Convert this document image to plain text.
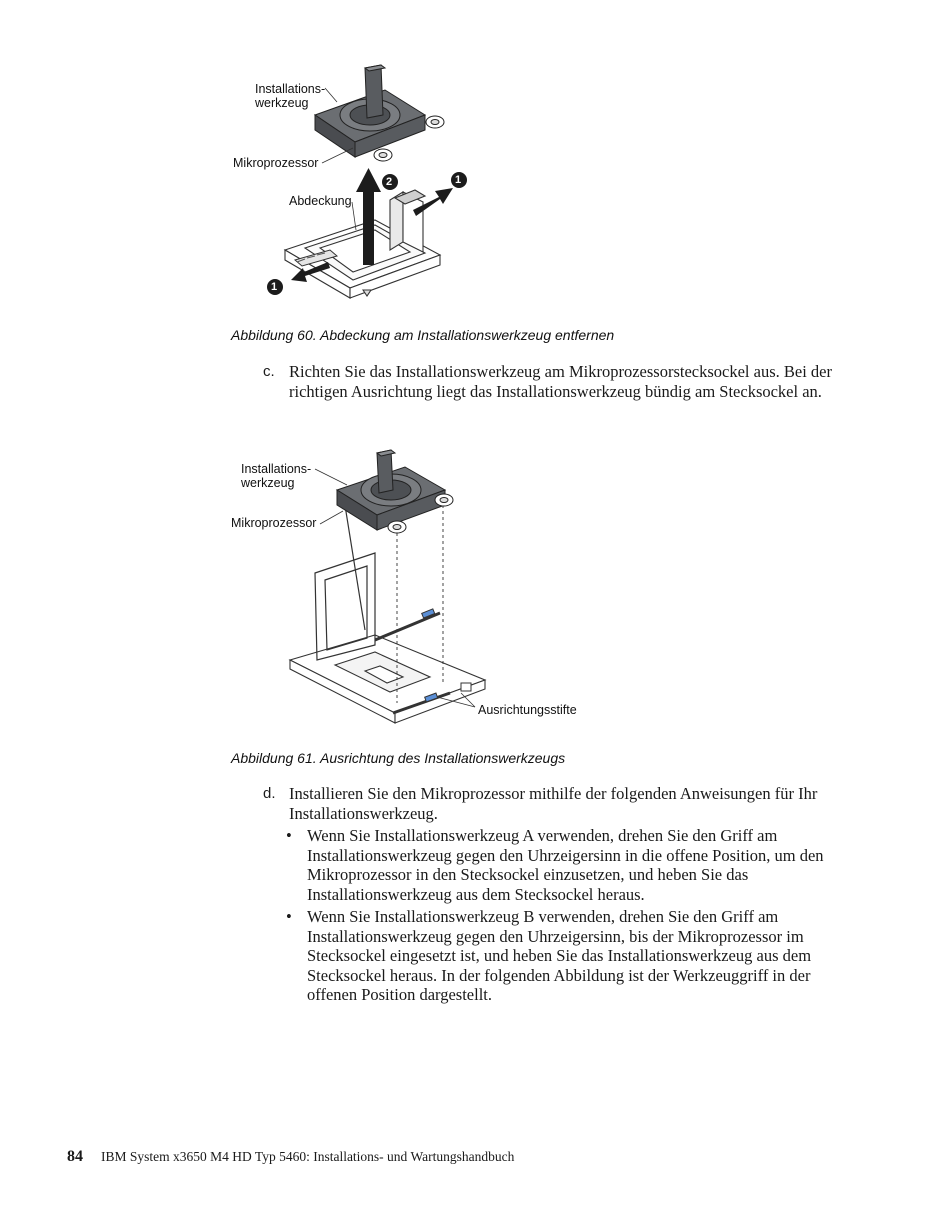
Installations-
werkzeug
Mikroprozessor
Abdeckung
1
2
1
Abbildung 60. Abdeckung am Installationswerkzeug entfernen
c. Richten Sie das Installationswerkzeug am Mikroprozessorstecksockel aus. Bei der richtigen Ausrichtung liegt das Installationswerkzeug bündig am Stecksockel an.
Installations-
werkzeug
Mikroprozessor
Ausrichtungsstifte
Abbildung 61. Ausrichtung des Installationswerkzeugs
d. Installieren Sie den Mikroprozessor mithilfe der folgenden Anweisungen für Ihr Installationswerkzeug.
• Wenn Sie Installationswerkzeug A verwenden, drehen Sie den Griff am Installationswerkzeug gegen den Uhrzeigersinn in die offene Position, um den Mikroprozessor in den Stecksockel einzusetzen, und heben Sie das Installationswerkzeug aus dem Stecksockel heraus.
• Wenn Sie Installationswerkzeug B verwenden, drehen Sie den Griff am Installationswerkzeug gegen den Uhrzeigersinn, bis der Mikroprozessor im Stecksockel eingesetzt ist, und heben Sie das Installationswerkzeug aus dem Stecksockel heraus. In der folgenden Abbildung ist der Werkzeuggriff in der offenen Position dargestellt.
84 IBM System x3650 M4 HD Typ 5460: Installations- und Wartungshandbuch
